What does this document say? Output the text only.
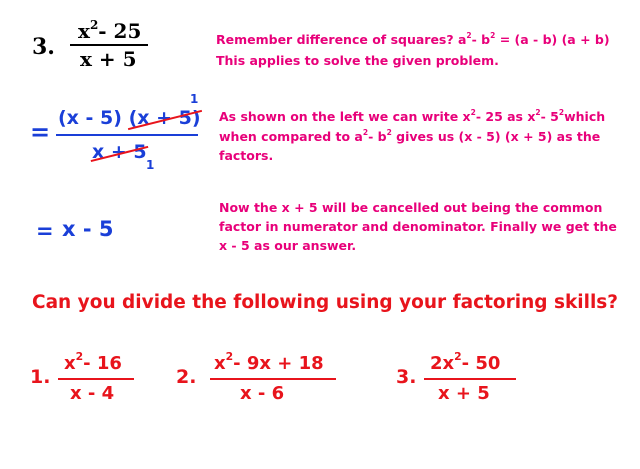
3.
$x^2-$ 25
x + 5
Remember difference of squares? $a^2-$ $b^2 = (a - b) (a + b)$
This applies to solve the given problem.
= (x - 5) (x + 5)
1
x + 5
1
As shown on the left we can write $x^2-$ 25 as $x^2-$ $5^2which$
when compared to $a^2-$ $b^2$ gives us (x - 5) (x + 5) as the
factors.
= x - 5
Now the x + 5 will be cancelled out being the common
factor in numerator and denominator. Finally we get the
x - 5 as our answer.
Can you divide the following using your factoring skills?
1.
$x^2-$ 16
x - 4
2.
$x^2-$ 9x + 18
x - 6
3.
$2x^2-$ 50
x + 5
